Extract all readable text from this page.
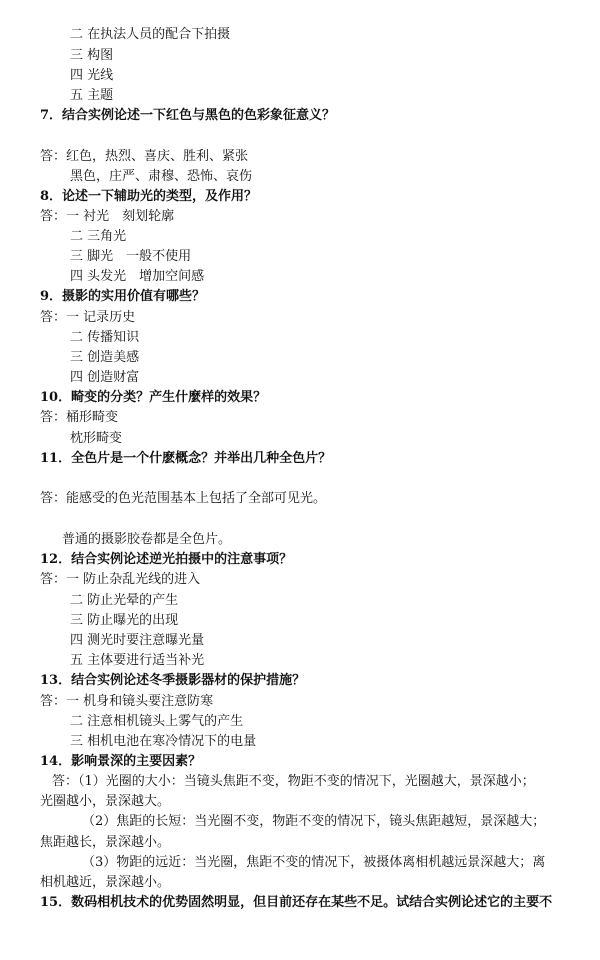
二 在执法人员的配合下拍摄
三 构图
四 光线
五 主题
7．结合实例论述一下红色与黑色的色彩象征意义？
答：红色，热烈、喜庆、胜利、紧张
黑色，庄严、肃穆、恐怖、哀伤
8．论述一下辅助光的类型，及作用？
答：一 衬光　刻划轮廓
二 三角光
三 脚光　一般不使用
四 头发光　增加空间感
9．摄影的实用价值有哪些？
答：一 记录历史
二 传播知识
三 创造美感
四 创造财富
10．畸变的分类？产生什麼样的效果？
答：桶形畸变
枕形畸变
11．全色片是一个什麽概念？并举出几种全色片？
答：能感受的色光范围基本上包括了全部可见光。
普通的摄影胶卷都是全色片。
12．结合实例论述逆光拍摄中的注意事项？
答：一 防止杂乱光线的进入
二 防止光晕的产生
三 防止曝光的出现
四 测光时要注意曝光量
五 主体要进行适当补光
13．结合实例论述冬季摄影器材的保护措施？
答：一 机身和镜头要注意防寒
二 注意相机镜头上雾气的产生
三 相机电池在寒冷情况下的电量
14．影响景深的主要因素？
答：（1）光圈的大小：当镜头焦距不变，物距不变的情况下，光圈越大，景深越小；
光圈越小，景深越大。
（2）焦距的长短：当光圈不变，物距不变的情况下，镜头焦距越短，景深越大；
焦距越长，景深越小。
（3）物距的远近：当光圈，焦距不变的情况下，被摄体离相机越远景深越大；离
相机越近，景深越小。
15．数码相机技术的优势固然明显，但目前还存在某些不足。试结合实例论述它的主要不
